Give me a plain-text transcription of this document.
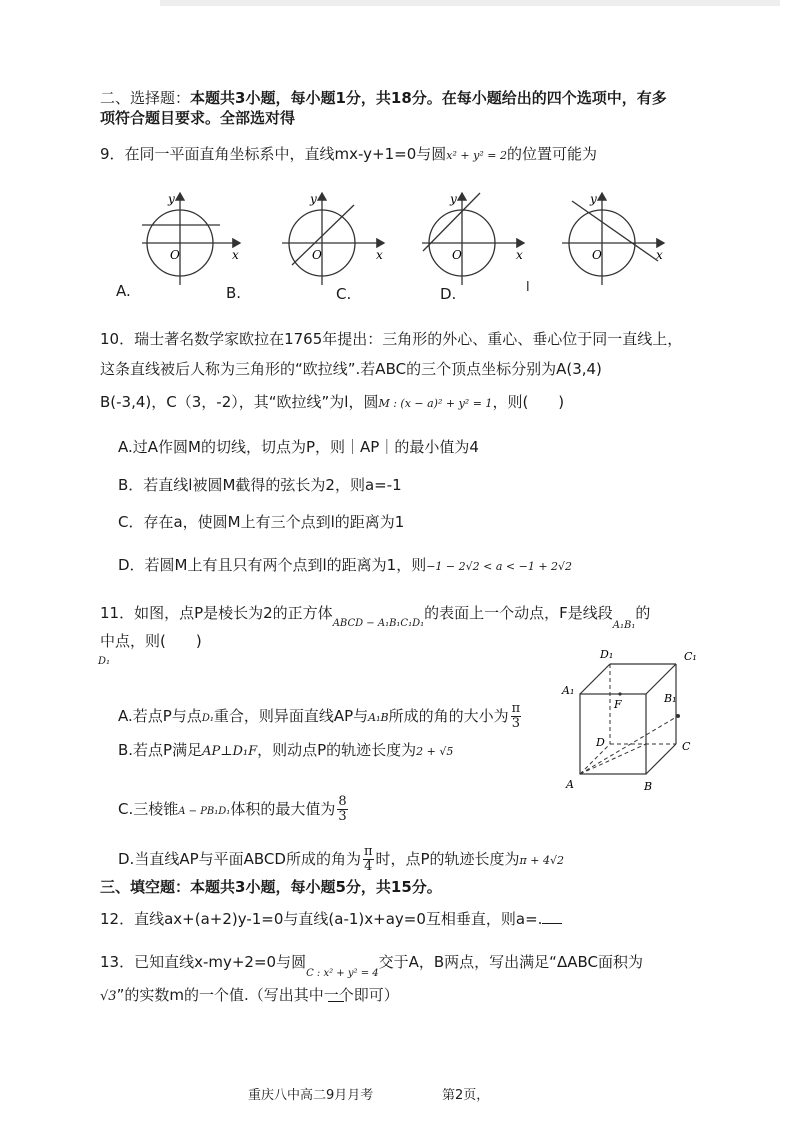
二、选择题：本题共3小题，每小题1分，共18分。在每小题给出的四个选项中，有多
项符合题目要求。全部选对得
9．在同一平面直角坐标系中，直线mx-y+1=0与圆x² + y² = 2的位置可能为
y
x
O
y
x
O
y
x
O
y
x
O
A.	B.	C.	D.	l
10．瑞士著名数学家欧拉在1765年提出：三角形的外心、重心、垂心位于同一直线上，
这条直线被后人称为三角形的“欧拉线”.若ABC的三个顶点坐标分别为A(3,4)
B(-3,4)，C（3，-2），其“欧拉线”为l，圆M : (x − a)² + y² = 1，则(　　)
A.过A作圆M的切线，切点为P，则｜AP｜的最小值为4
B．若直线l被圆M截得的弦长为2，则a=-1
C．存在a，使圆M上有三个点到l的距离为1
D．若圆M上有且只有两个点到l的距离为1，则−1 − 2√2 < a < −1 + 2√2
11．如图，点P是棱长为2的正方体$_{ABCD - A_1B_1C_1D_1}$的表面上一个动点，F是线段$_{A_1B_1}$的
中点，则(　　)
D₁
A.若点P与点D₁重合，则异面直线AP与A₁B所成的角的大小为 $\frac{\pi}{3}$
B.若点P满足AP⊥D₁F，则动点P的轨迹长度为2 + √5
C.三棱锥A − PB₁D₁体积的最大值为 $\frac{8}{3}$
D.当直线AP与平面ABCD所成的角为 $\frac{\pi}{4}$ 时，点P的轨迹长度为π + 4√2
D₁	C₁
A₁
B₁
F
D	C
A	B
三、填空题：本题共3小题，每小题5分，共15分。
12．直线ax+(a+2)y-1=0与直线(a-1)x+ay=0互相垂直，则a=.
13．已知直线x-my+2=0与圆$_{C : x^2 + y^2 = 4}$交于A，B两点，写出满足“ΔABC面积为
√3”的实数m的一个值.（写出其中一个即可）
重庆八中高二9月月考	第2页，
